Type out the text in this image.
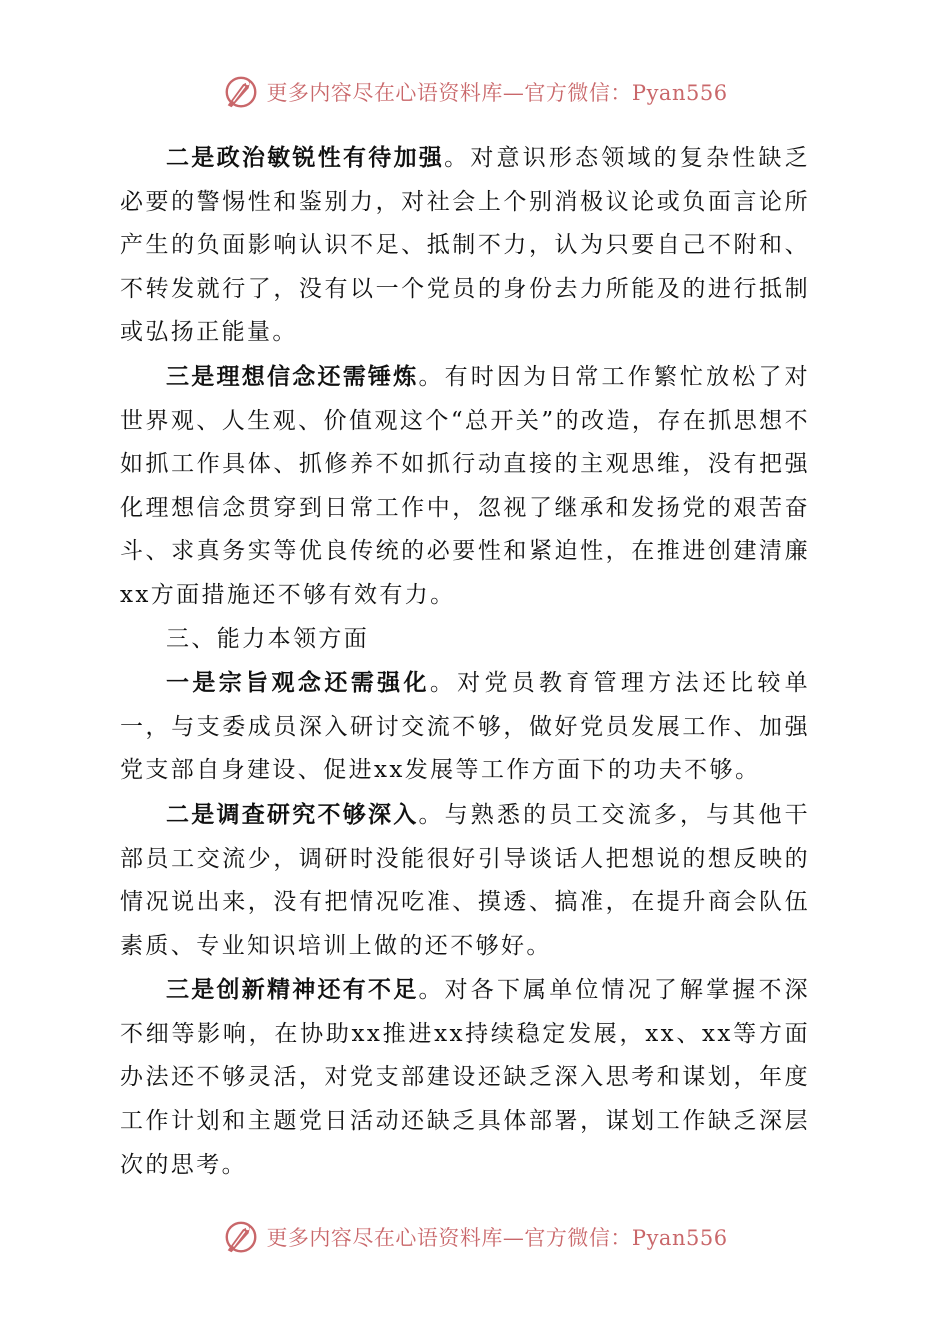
更多内容尽在心语资料库—官方微信：Pyan556

二是政治敏锐性有待加强。对意识形态领域的复杂性缺乏必要的警惕性和鉴别力，对社会上个别消极议论或负面言论所产生的负面影响认识不足、抵制不力，认为只要自己不附和、不转发就行了，没有以一个党员的身份去力所能及的进行抵制或弘扬正能量。

三是理想信念还需锤炼。有时因为日常工作繁忙放松了对世界观、人生观、价值观这个“总开关”的改造，存在抓思想不如抓工作具体、抓修养不如抓行动直接的主观思维，没有把强化理想信念贯穿到日常工作中，忽视了继承和发扬党的艰苦奋斗、求真务实等优良传统的必要性和紧迫性，在推进创建清廉xx方面措施还不够有效有力。

三、能力本领方面

一是宗旨观念还需强化。对党员教育管理方法还比较单一，与支委成员深入研讨交流不够，做好党员发展工作、加强党支部自身建设、促进xx发展等工作方面下的功夫不够。

二是调查研究不够深入。与熟悉的员工交流多，与其他干部员工交流少，调研时没能很好引导谈话人把想说的想反映的情况说出来，没有把情况吃准、摸透、搞准，在提升商会队伍素质、专业知识培训上做的还不够好。

三是创新精神还有不足。对各下属单位情况了解掌握不深不细等影响，在协助xx推进xx持续稳定发展，xx、xx等方面办法还不够灵活，对党支部建设还缺乏深入思考和谋划，年度工作计划和主题党日活动还缺乏具体部署，谋划工作缺乏深层次的思考。

更多内容尽在心语资料库—官方微信：Pyan556
